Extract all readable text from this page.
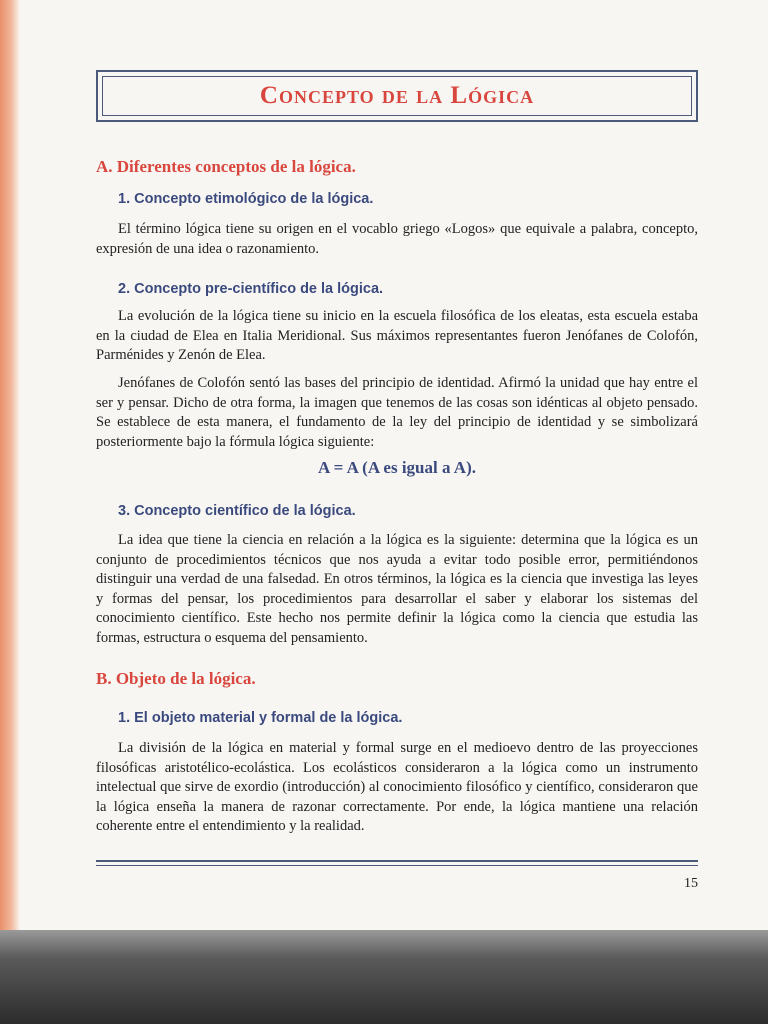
Concepto de la Lógica
A. Diferentes conceptos de la lógica.
1. Concepto etimológico de la lógica.

El término lógica tiene su origen en el vocablo griego «Logos» que equivale a palabra, concepto, expresión de una idea o razonamiento.

2. Concepto pre-científico de la lógica.

La evolución de la lógica tiene su inicio en la escuela filosófica de los eleatas, esta escuela estaba en la ciudad de Elea en Italia Meridional. Sus máximos representantes fueron Jenófanes de Colofón, Parménides y Zenón de Elea.

Jenófanes de Colofón sentó las bases del principio de identidad. Afirmó la unidad que hay entre el ser y pensar. Dicho de otra forma, la imagen que tenemos de las cosas son idénticas al objeto pensado. Se establece de esta manera, el fundamento de la ley del principio de identidad y se simbolizará posteriormente bajo la fórmula lógica siguiente:

A = A (A es igual a A).
3. Concepto científico de la lógica.

La idea que tiene la ciencia en relación a la lógica es la siguiente: determina que la lógica es un conjunto de procedimientos técnicos que nos ayuda a evitar todo posible error, permitiéndonos distinguir una verdad de una falsedad. En otros términos, la lógica es la ciencia que investiga las leyes y formas del pensar, los procedimientos para desarrollar el saber y elaborar los sistemas del conocimiento científico. Este hecho nos permite definir la lógica como la ciencia que estudia las formas, estructura o esquema del pensamiento.

B. Objeto de la lógica.
1. El objeto material y formal de la lógica.

La división de la lógica en material y formal surge en el medioevo dentro de las proyecciones filosóficas aristotélico-ecolástica. Los ecolásticos consideraron a la lógica como un instrumento intelectual que sirve de exordio (introducción) al conocimiento filosófico y científico, consideraron que la lógica enseña la manera de razonar correctamente. Por ende, la lógica mantiene una relación coherente entre el entendimiento y la realidad.

15
